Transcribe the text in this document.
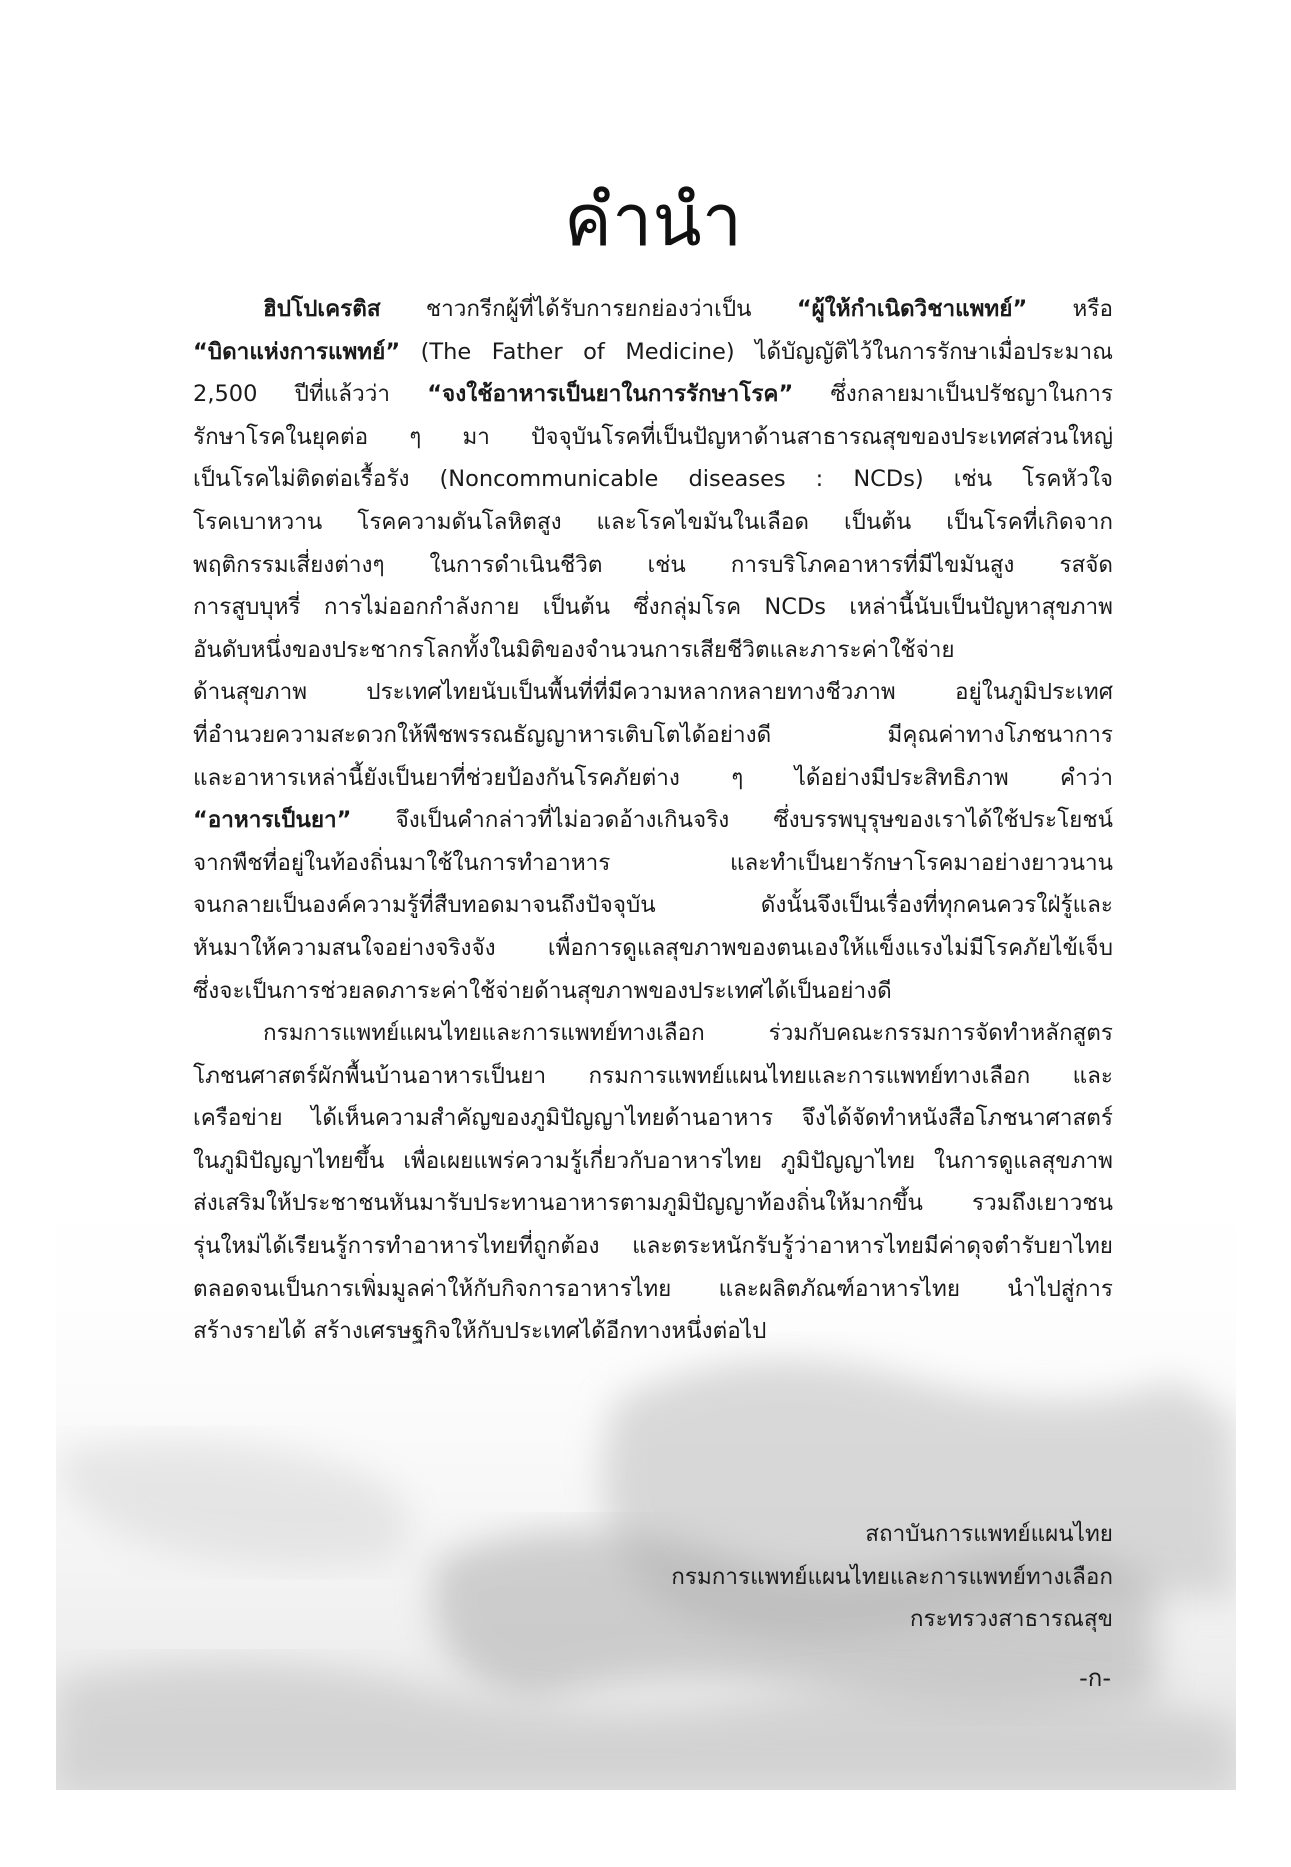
คำนำ
ฮิปโปเครติส ชาวกรีกผู้ที่ได้รับการยกย่องว่าเป็น “ผู้ให้กำเนิดวิชาแพทย์” หรือ
“บิดาแห่งการแพทย์” (The Father of Medicine) ได้บัญญัติไว้ในการรักษาเมื่อประมาณ
2,500 ปีที่แล้วว่า “จงใช้อาหารเป็นยาในการรักษาโรค” ซึ่งกลายมาเป็นปรัชญาในการ
รักษาโรคในยุคต่อ ๆ มา ปัจจุบันโรคที่เป็นปัญหาด้านสาธารณสุขของประเทศส่วนใหญ่
เป็นโรคไม่ติดต่อเรื้อรัง (Noncommunicable diseases : NCDs) เช่น โรคหัวใจ
โรคเบาหวาน โรคความดันโลหิตสูง และโรคไขมันในเลือด เป็นต้น เป็นโรคที่เกิดจาก
พฤติกรรมเสี่ยงต่างๆ ในการดำเนินชีวิต เช่น การบริโภคอาหารที่มีไขมันสูง รสจัด
การสูบบุหรี่ การไม่ออกกำลังกาย เป็นต้น ซึ่งกลุ่มโรค NCDs เหล่านี้นับเป็นปัญหาสุขภาพ
อันดับหนึ่งของประชากรโลกทั้งในมิติของจำนวนการเสียชีวิตและภาระค่าใช้จ่าย
ด้านสุขภาพ ประเทศไทยนับเป็นพื้นที่ที่มีความหลากหลายทางชีวภาพ อยู่ในภูมิประเทศ
ที่อำนวยความสะดวกให้พืชพรรณธัญญาหารเติบโตได้อย่างดี มีคุณค่าทางโภชนาการ
และอาหารเหล่านี้ยังเป็นยาที่ช่วยป้องกันโรคภัยต่าง ๆ ได้อย่างมีประสิทธิภาพ คำว่า
“อาหารเป็นยา” จึงเป็นคำกล่าวที่ไม่อวดอ้างเกินจริง ซึ่งบรรพบุรุษของเราได้ใช้ประโยชน์
จากพืชที่อยู่ในท้องถิ่นมาใช้ในการทำอาหาร และทำเป็นยารักษาโรคมาอย่างยาวนาน
จนกลายเป็นองค์ความรู้ที่สืบทอดมาจนถึงปัจจุบัน ดังนั้นจึงเป็นเรื่องที่ทุกคนควรใฝ่รู้และ
หันมาให้ความสนใจอย่างจริงจัง เพื่อการดูแลสุขภาพของตนเองให้แข็งแรงไม่มีโรคภัยไข้เจ็บ
ซึ่งจะเป็นการช่วยลดภาระค่าใช้จ่ายด้านสุขภาพของประเทศได้เป็นอย่างดี
กรมการแพทย์แผนไทยและการแพทย์ทางเลือก ร่วมกับคณะกรรมการจัดทำหลักสูตร
โภชนศาสตร์ผักพื้นบ้านอาหารเป็นยา กรมการแพทย์แผนไทยและการแพทย์ทางเลือก และ
เครือข่าย ได้เห็นความสำคัญของภูมิปัญญาไทยด้านอาหาร จึงได้จัดทำหนังสือโภชนาศาสตร์
ในภูมิปัญญาไทยขึ้น เพื่อเผยแพร่ความรู้เกี่ยวกับอาหารไทย ภูมิปัญญาไทย ในการดูแลสุขภาพ
ส่งเสริมให้ประชาชนหันมารับประทานอาหารตามภูมิปัญญาท้องถิ่นให้มากขึ้น รวมถึงเยาวชน
รุ่นใหม่ได้เรียนรู้การทำอาหารไทยที่ถูกต้อง และตระหนักรับรู้ว่าอาหารไทยมีค่าดุจตำรับยาไทย
ตลอดจนเป็นการเพิ่มมูลค่าให้กับกิจการอาหารไทย และผลิตภัณฑ์อาหารไทย นำไปสู่การ
สร้างรายได้ สร้างเศรษฐกิจให้กับประเทศได้อีกทางหนึ่งต่อไป
สถาบันการแพทย์แผนไทย
กรมการแพทย์แผนไทยและการแพทย์ทางเลือก
กระทรวงสาธารณสุข
-ก-
